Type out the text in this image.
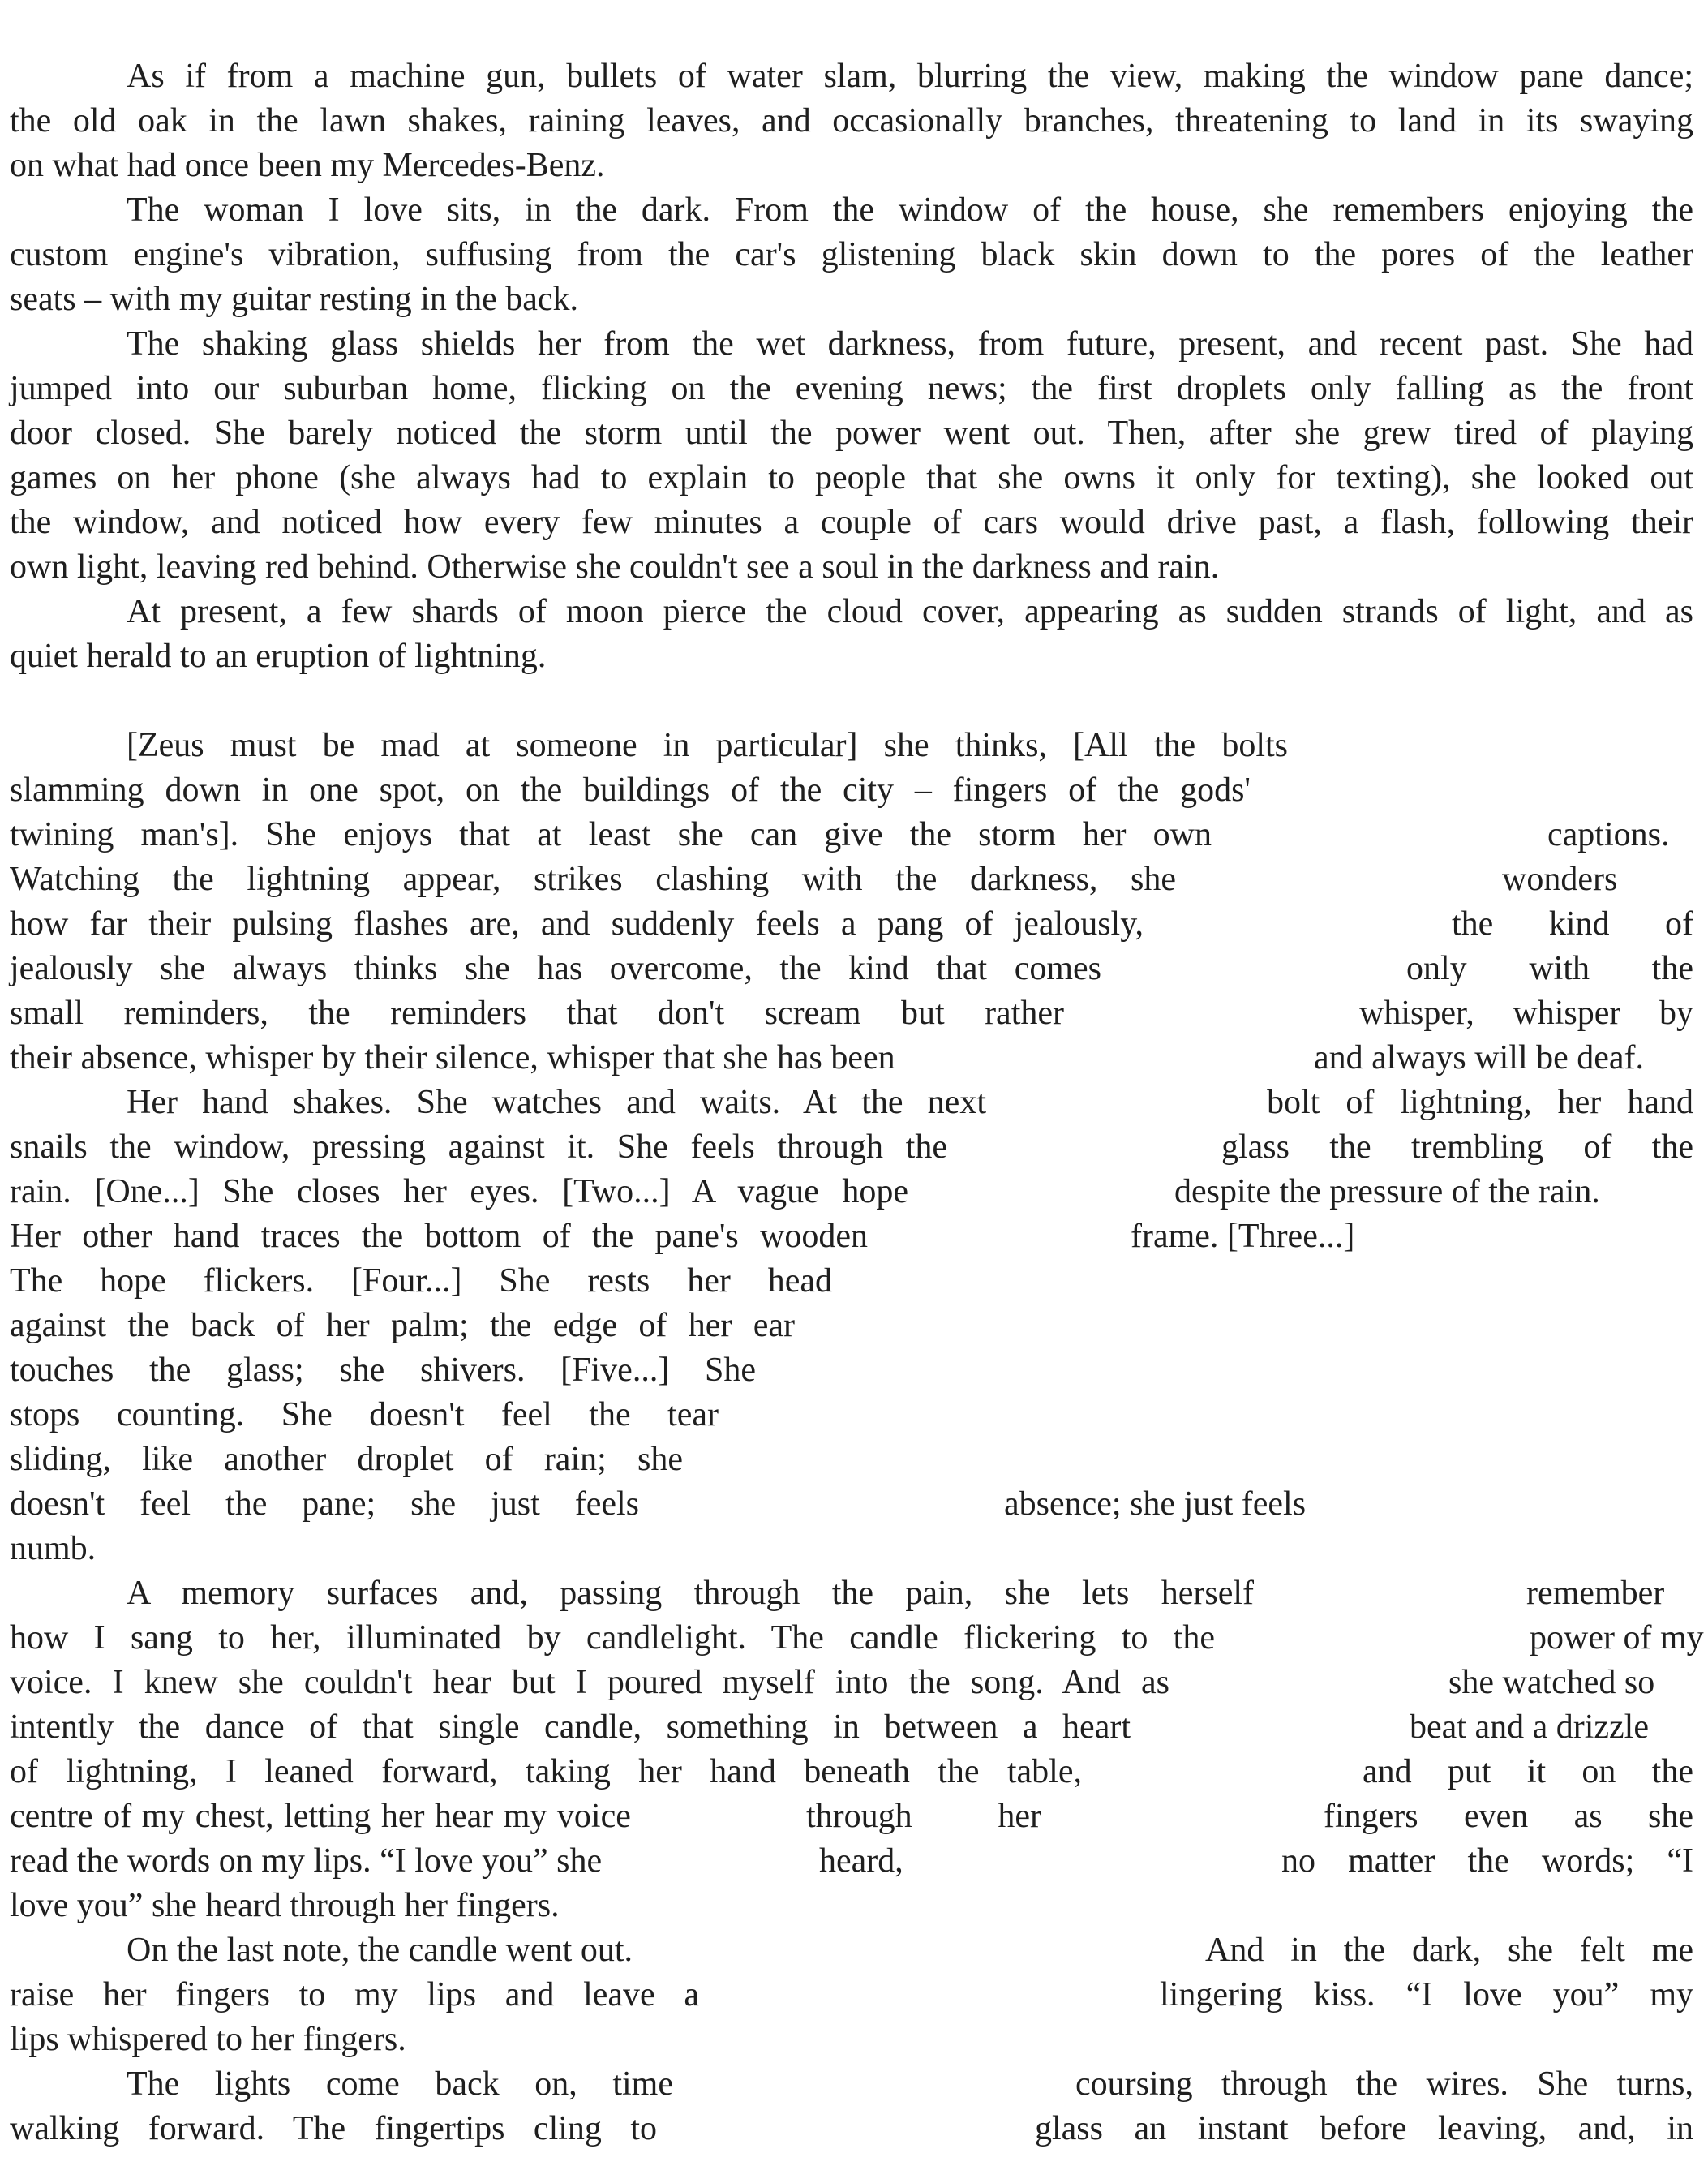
As if from a machine gun, bullets of water slam, blurring the view, making the window pane dance;
the old oak in the lawn shakes, raining leaves, and occasionally branches, threatening to land in its swaying
on what had once been my Mercedes-Benz.
The woman I love sits, in the dark. From the window of the house, she remembers enjoying the
custom engine's vibration, suffusing from the car's glistening black skin down to the pores of the leather
seats – with my guitar resting in the back.
The shaking glass shields her from the wet darkness, from future, present, and recent past. She had
jumped into our suburban home, flicking on the evening news; the first droplets only falling as the front
door closed. She barely noticed the storm until the power went out. Then, after she grew tired of playing
games on her phone (she always had to explain to people that she owns it only for texting), she looked out
the window, and noticed how every few minutes a couple of cars would drive past, a flash, following their
own light, leaving red behind. Otherwise she couldn't see a soul in the darkness and rain.
At present, a few shards of moon pierce the cloud cover, appearing as sudden strands of light, and as
quiet herald to an eruption of lightning.
[Zeus must be mad at someone in particular] she thinks, [All the bolts
slamming down in one spot, on the buildings of the city – fingers of the gods'
twining man's]. She enjoys that at least she can give the storm her own	captions.
Watching the lightning appear, strikes clashing with the darkness, she	wonders
how far their pulsing flashes are, and suddenly feels a pang of jealously,	the kind of
jealously she always thinks she has overcome, the kind that comes	only with the
small reminders, the reminders that don't scream but rather	whisper, whisper by
their absence, whisper by their silence, whisper that she has been	and always will be deaf.
Her hand shakes. She watches and waits. At the next	bolt of lightning, her hand
snails the window, pressing against it. She feels through the	glass the trembling of the
rain. [One...] She closes her eyes. [Two...] A vague hope	despite the pressure of the rain.
Her other hand traces the bottom of the pane's wooden	frame. [Three...]
The hope flickers. [Four...] She rests her head
against the back of her palm; the edge of her ear
touches the glass; she shivers. [Five...] She
stops counting. She doesn't feel the tear
sliding, like another droplet of rain; she
doesn't feel the pane; she just feels	absence; she just feels
numb.
A memory surfaces and, passing through the pain, she lets herself	remember
how I sang to her, illuminated by candlelight. The candle flickering to the	power of my
voice. I knew she couldn't hear but I poured myself into the song. And as	she watched so
intently the dance of that single candle, something in between a heart	beat and a drizzle
of lightning, I leaned forward, taking her hand beneath the table,	and put it on the
centre of my chest, letting her hear my voice	through her	fingers even as she
read the words on my lips. “I love you” she	heard,	no matter the words; “I
love you” she heard through her fingers.
On the last note, the candle went out.	And in the dark, she felt me
raise her fingers to my lips and leave a	lingering kiss. “I love you” my
lips whispered to her fingers.
The lights come back on, time	coursing through the wires. She turns,
walking forward. The fingertips cling to	glass an instant before leaving, and, in
